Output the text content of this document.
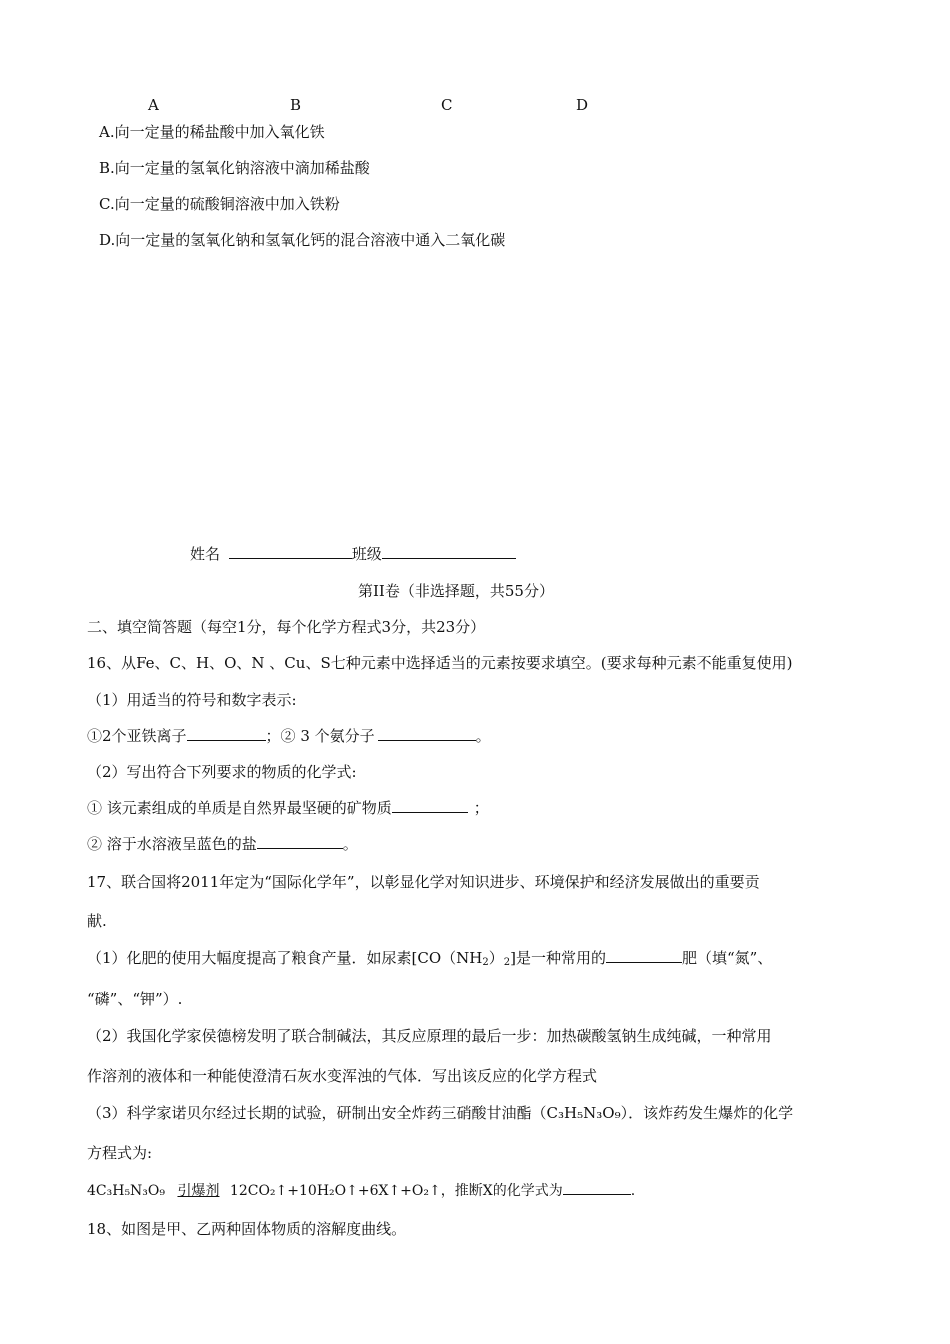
A	B	C	D
A.向一定量的稀盐酸中加入氧化铁
B.向一定量的氢氧化钠溶液中滴加稀盐酸
C.向一定量的硫酸铜溶液中加入铁粉
D.向一定量的氢氧化钠和氢氧化钙的混合溶液中通入二氧化碳
姓名	班级
第II卷（非选择题，共55分）
二、填空简答题（每空1分，每个化学方程式3分，共23分）
16、从Fe、C、H、O、N 、Cu、S七种元素中选择适当的元素按要求填空。(要求每种元素不能重复使用)
（1）用适当的符号和数字表示:
①2个亚铁离子	；② 3 个氨分子	。
（2）写出符合下列要求的物质的化学式:
① 该元素组成的单质是自然界最坚硬的矿物质	；
② 溶于水溶液呈蓝色的盐	。
17、联合国将2011年定为“国际化学年”，以彰显化学对知识进步、环境保护和经济发展做出的重要贡
献.
（1）化肥的使用大幅度提高了粮食产量．如尿素$[CO(NH_2)_2]$是一种常用的	肥（填“氮”、
“磷”、“钾”）.
（2）我国化学家侯德榜发明了联合制碱法，其反应原理的最后一步：加热碳酸氢钠生成纯碱，一种常用
作溶剂的液体和一种能使澄清石灰水变浑浊的气体．写出该反应的化学方程式
（3）科学家诺贝尔经过长期的试验，研制出安全炸药三硝酸甘油酯（C₃H₅N₃O₉）．该炸药发生爆炸的化学
方程式为:
4C₃H₅N₃O₉ 引爆剂 12CO₂↑+10H₂O↑+6X↑+O₂↑，推断X的化学式为	.
18、如图是甲、乙两种固体物质的溶解度曲线。
